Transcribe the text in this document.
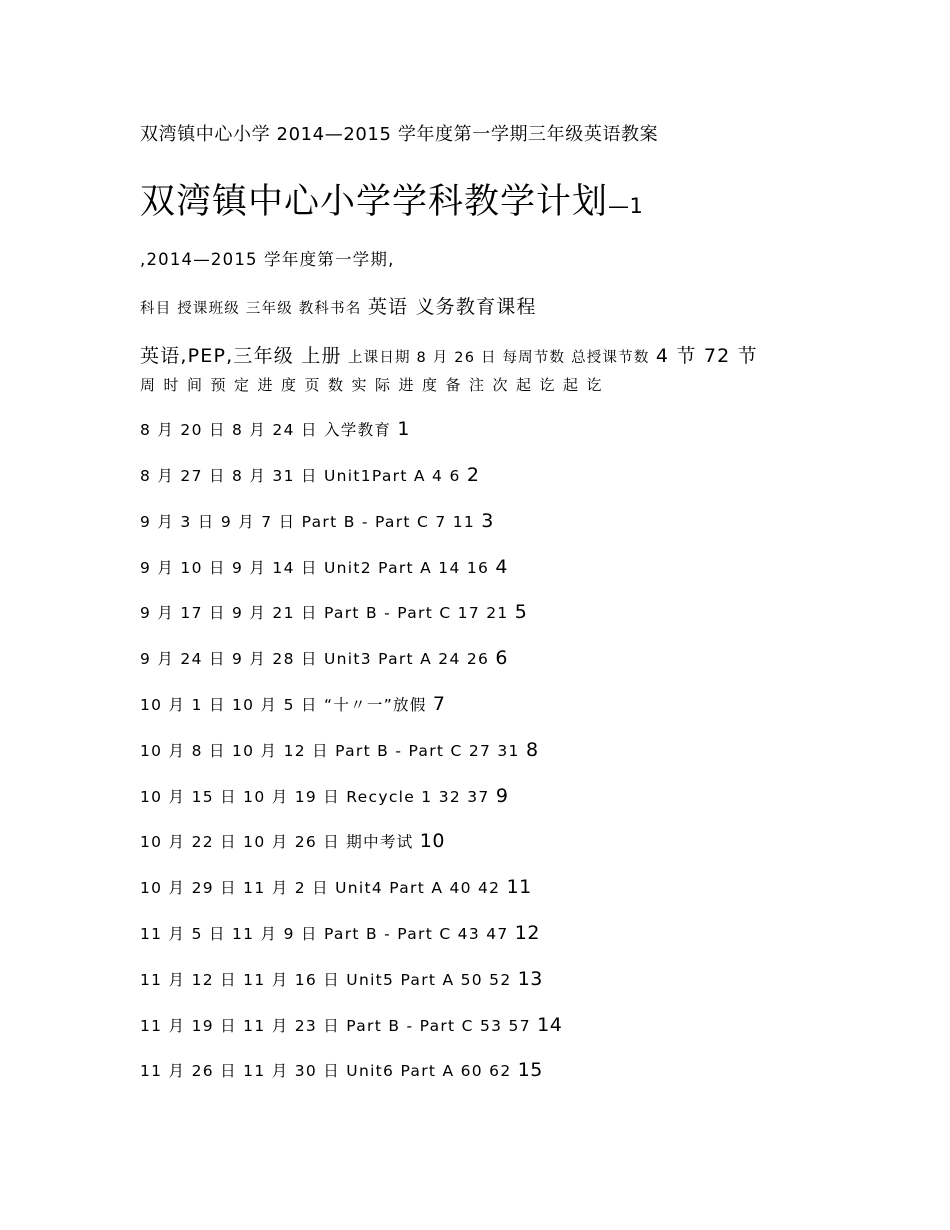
双湾镇中心小学 2014—2015 学年度第一学期三年级英语教案
双湾镇中心小学学科教学计划—1
,2014—2015 学年度第一学期,
科目 授课班级 三年级 教科书名 英语 义务教育课程
英语,PEP,三年级 上册 上课日期 8 月 26 日 每周节数 总授课节数 4 节 72 节
周时间预定进度页数实际进度备注次起讫起讫
8 月 20 日 8 月 24 日 入学教育 1
8 月 27 日 8 月 31 日 Unit1Part A 4 6 2
9 月 3 日 9 月 7 日 Part B - Part C 7 11 3
9 月 10 日 9 月 14 日 Unit2 Part A 14 16 4
9 月 17 日 9 月 21 日 Part B - Part C 17 21 5
9 月 24 日 9 月 28 日 Unit3 Part A 24 26 6
10 月 1 日 10 月 5 日 “十〃一”放假 7
10 月 8 日 10 月 12 日 Part B - Part C 27 31 8
10 月 15 日 10 月 19 日 Recycle 1 32 37 9
10 月 22 日 10 月 26 日 期中考试 10
10 月 29 日 11 月 2 日 Unit4 Part A 40 42 11
11 月 5 日 11 月 9 日 Part B - Part C 43 47 12
11 月 12 日 11 月 16 日 Unit5 Part A 50 52 13
11 月 19 日 11 月 23 日 Part B - Part C 53 57 14
11 月 26 日 11 月 30 日 Unit6 Part A 60 62 15
